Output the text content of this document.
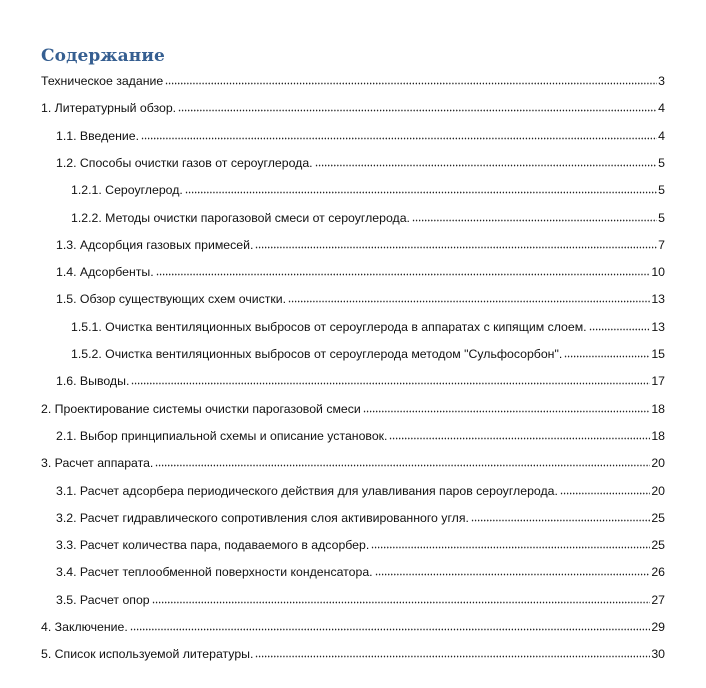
Содержание
Техническое задание	3
1. Литературный обзор.	4
1.1. Введение.	4
1.2. Способы очистки газов от сероуглерода.	5
1.2.1. Сероуглерод.	5
1.2.2. Методы очистки парогазовой смеси от сероуглерода.	5
1.3. Адсорбция газовых примесей.	7
1.4. Адсорбенты.	10
1.5. Обзор существующих схем очистки.	13
1.5.1. Очистка вентиляционных выбросов от сероуглерода в аппаратах с кипящим слоем.	13
1.5.2. Очистка вентиляционных выбросов от сероуглерода методом "Сульфосорбон".	15
1.6. Выводы.	17
2. Проектирование системы очистки парогазовой смеси	18
2.1. Выбор принципиальной схемы и описание установок.	18
3. Расчет аппарата.	20
3.1. Расчет адсорбера периодического действия для улавливания паров сероуглерода.	20
3.2. Расчет гидравлического сопротивления слоя активированного угля.	25
3.3. Расчет количества пара, подаваемого в адсорбер.	25
3.4. Расчет теплообменной поверхности конденсатора.	26
3.5. Расчет опор	27
4. Заключение.	29
5. Список используемой литературы.	30
